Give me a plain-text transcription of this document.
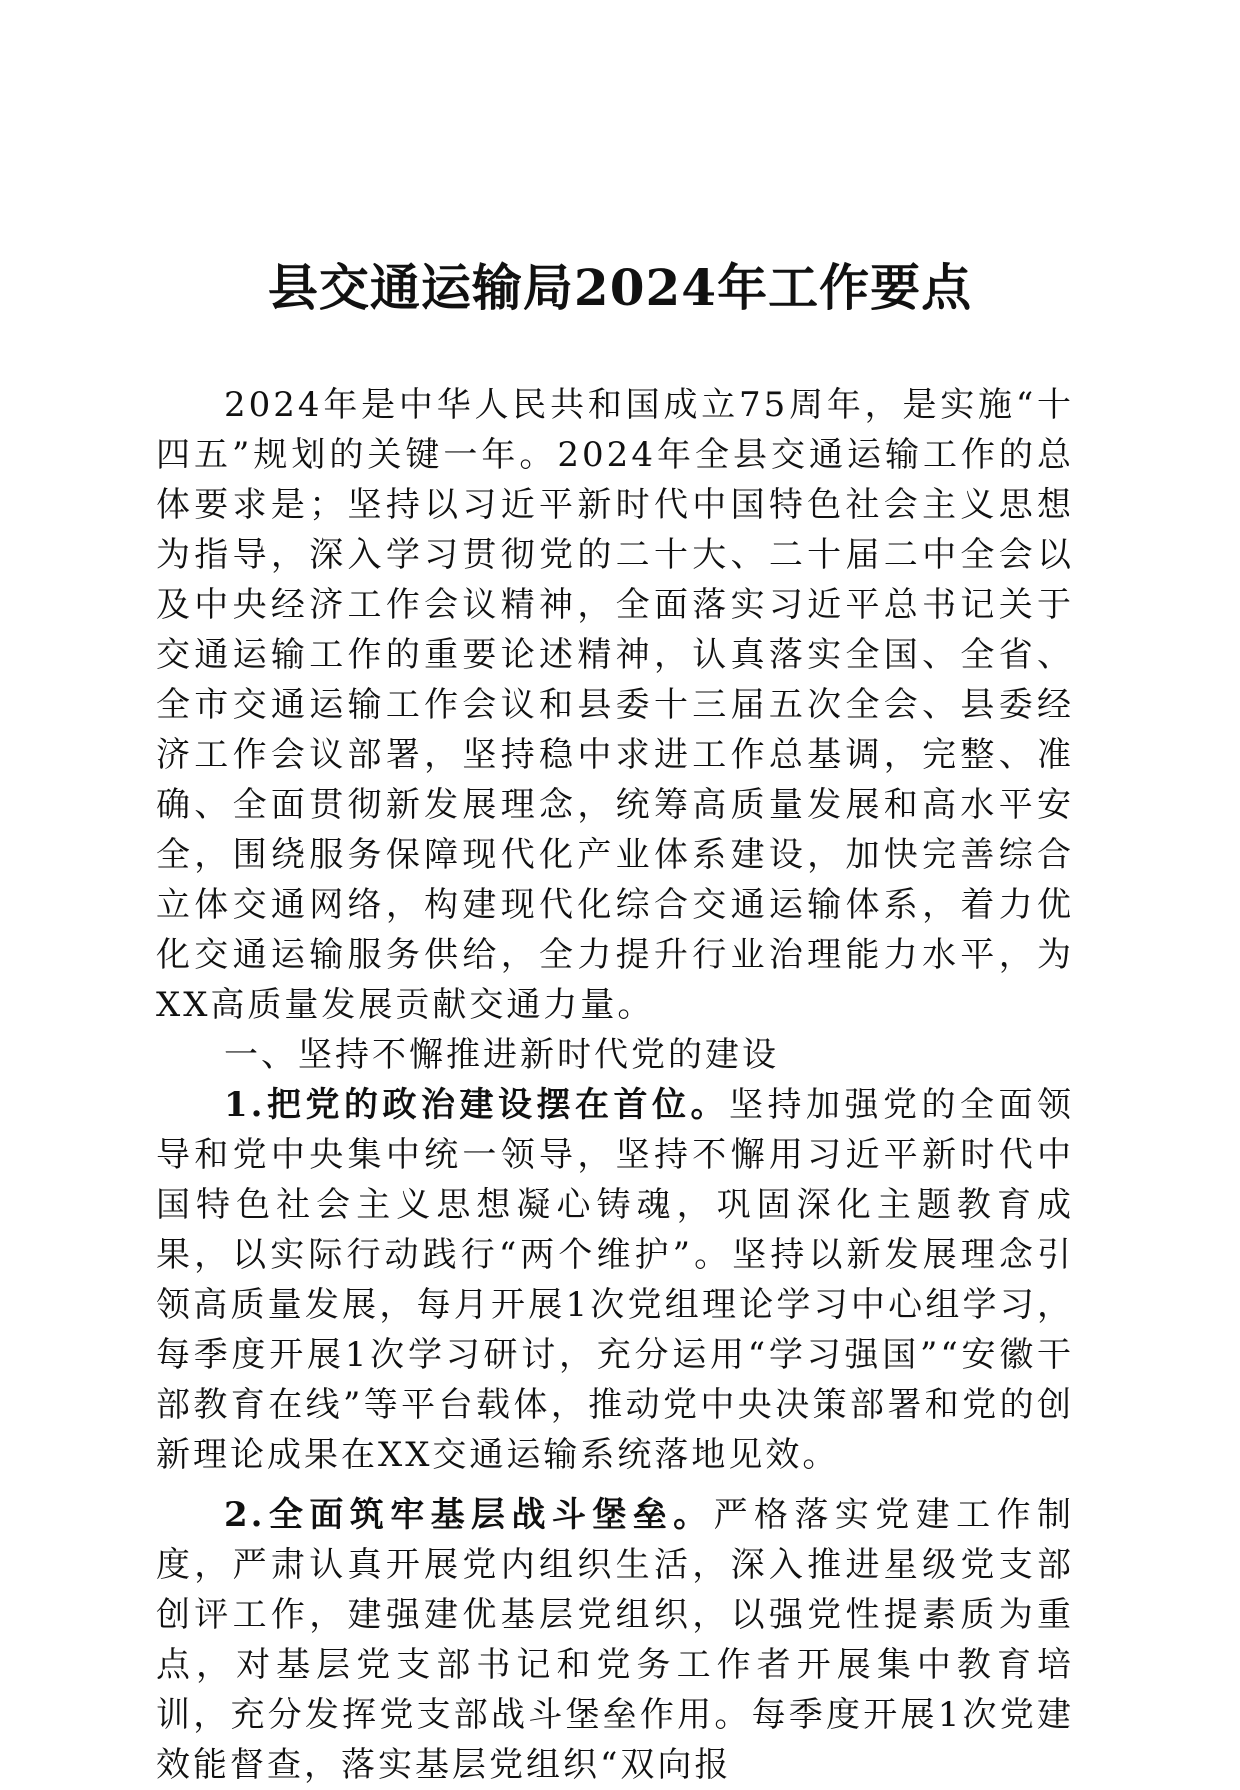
县交通运输局2024年工作要点

2024年是中华人民共和国成立75周年，是实施“十四五”规划的关键一年。2024年全县交通运输工作的总体要求是；坚持以习近平新时代中国特色社会主义思想为指导，深入学习贯彻党的二十大、二十届二中全会以及中央经济工作会议精神，全面落实习近平总书记关于交通运输工作的重要论述精神，认真落实全国、全省、全市交通运输工作会议和县委十三届五次全会、县委经济工作会议部署，坚持稳中求进工作总基调，完整、准确、全面贯彻新发展理念，统筹高质量发展和高水平安全，围绕服务保障现代化产业体系建设，加快完善综合立体交通网络，构建现代化综合交通运输体系，着力优化交通运输服务供给，全力提升行业治理能力水平，为XX高质量发展贡献交通力量。

一、坚持不懈推进新时代党的建设

1.把党的政治建设摆在首位。坚持加强党的全面领导和党中央集中统一领导，坚持不懈用习近平新时代中国特色社会主义思想凝心铸魂，巩固深化主题教育成果，以实际行动践行“两个维护”。坚持以新发展理念引领高质量发展，每月开展1次党组理论学习中心组学习，每季度开展1次学习研讨，充分运用“学习强国”“安徽干部教育在线”等平台载体，推动党中央决策部署和党的创新理论成果在XX交通运输系统落地见效。

2.全面筑牢基层战斗堡垒。严格落实党建工作制度，严肃认真开展党内组织生活，深入推进星级党支部创评工作，建强建优基层党组织，以强党性提素质为重点，对基层党支部书记和党务工作者开展集中教育培训，充分发挥党支部战斗堡垒作用。每季度开展1次党建效能督查，落实基层党组织“双向报
